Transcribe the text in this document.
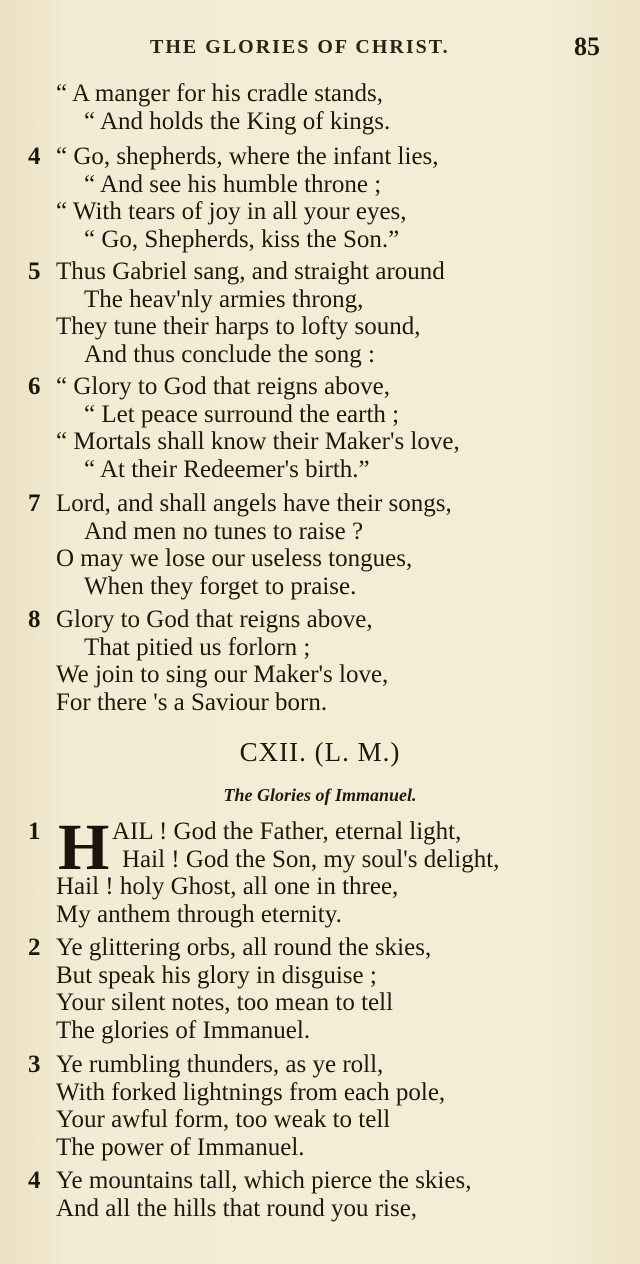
THE GLORIES OF CHRIST.	85
“ A manger for his cradle stands,
“ And holds the King of kings.
4 “ Go, shepherds, where the infant lies,
“ And see his humble throne ;
“ With tears of joy in all your eyes,
“ Go, Shepherds, kiss the Son.”
5 Thus Gabriel sang, and straight around
The heav'nly armies throng,
They tune their harps to lofty sound,
And thus conclude the song :
6 “ Glory to God that reigns above,
“ Let peace surround the earth ;
“ Mortals shall know their Maker's love,
“ At their Redeemer's birth.”
7 Lord, and shall angels have their songs,
And men no tunes to raise ?
O may we lose our useless tongues,
When they forget to praise.
8 Glory to God that reigns above,
That pitied us forlorn ;
We join to sing our Maker's love,
For there 's a Saviour born.
CXII. (L. M.)
The Glories of Immanuel.
H
1	AIL ! God the Father, eternal light,
Hail ! God the Son, my soul's delight,
Hail ! holy Ghost, all one in three,
My anthem through eternity.
2 Ye glittering orbs, all round the skies,
But speak his glory in disguise ;
Your silent notes, too mean to tell
The glories of Immanuel.
3 Ye rumbling thunders, as ye roll,
With forked lightnings from each pole,
Your awful form, too weak to tell
The power of Immanuel.
4 Ye mountains tall, which pierce the skies,
And all the hills that round you rise,
